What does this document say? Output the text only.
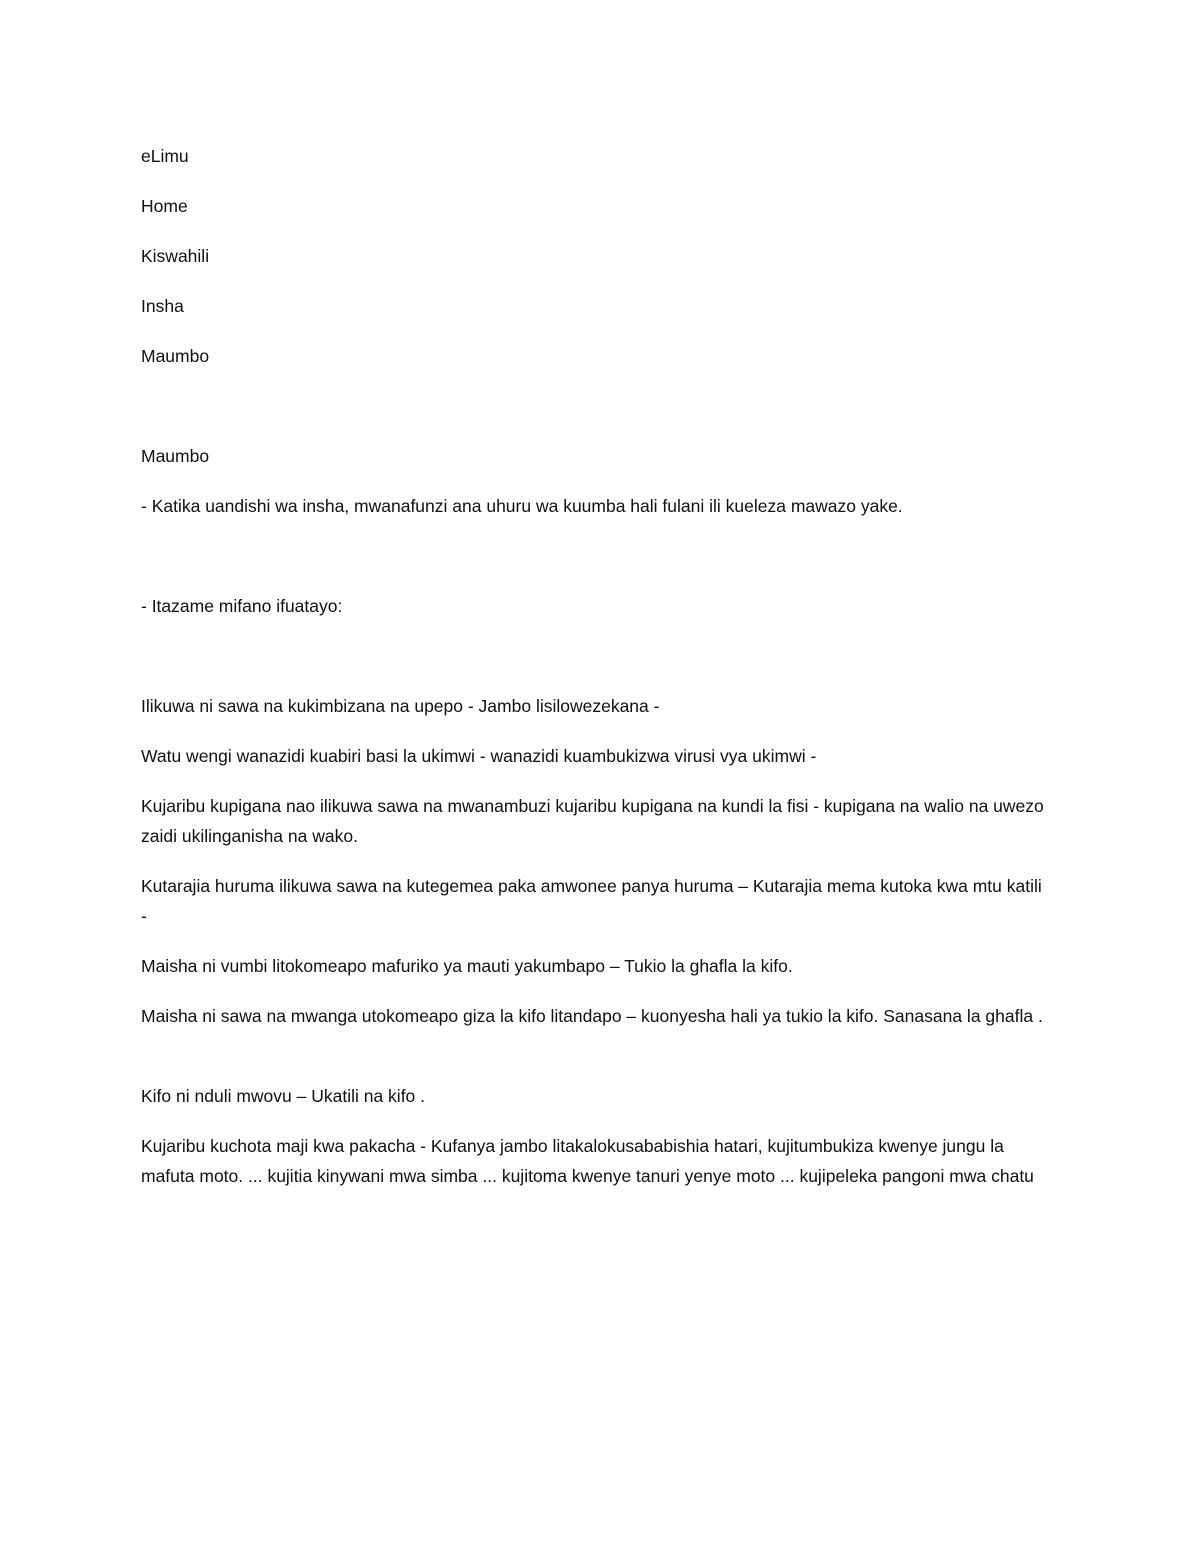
eLimu

Home

Kiswahili

Insha

Maumbo

Maumbo

- Katika uandishi wa insha, mwanafunzi ana uhuru wa kuumba hali fulani ili kueleza mawazo yake.

- Itazame mifano ifuatayo:

Ilikuwa ni sawa na kukimbizana na upepo - Jambo lisilowezekana -

Watu wengi wanazidi kuabiri basi la ukimwi - wanazidi kuambukizwa virusi vya ukimwi -

Kujaribu kupigana nao ilikuwa sawa na mwanambuzi kujaribu kupigana na kundi la fisi - kupigana na walio na uwezo zaidi ukilinganisha na wako.

Kutarajia huruma ilikuwa sawa na kutegemea paka amwonee panya huruma – Kutarajia mema kutoka kwa mtu katili -

Maisha ni vumbi litokomeapo mafuriko ya mauti yakumbapo – Tukio la ghafla la kifo.

Maisha ni sawa na mwanga utokomeapo giza la kifo litandapo – kuonyesha hali ya tukio la kifo. Sanasana la ghafla .

Kifo ni nduli mwovu – Ukatili na kifo .

Kujaribu kuchota maji kwa pakacha - Kufanya jambo litakalokusababishia hatari, kujitumbukiza kwenye jungu la mafuta moto. ... kujitia kinywani mwa simba ... kujitoma kwenye tanuri yenye moto ... kujipeleka pangoni mwa chatu
